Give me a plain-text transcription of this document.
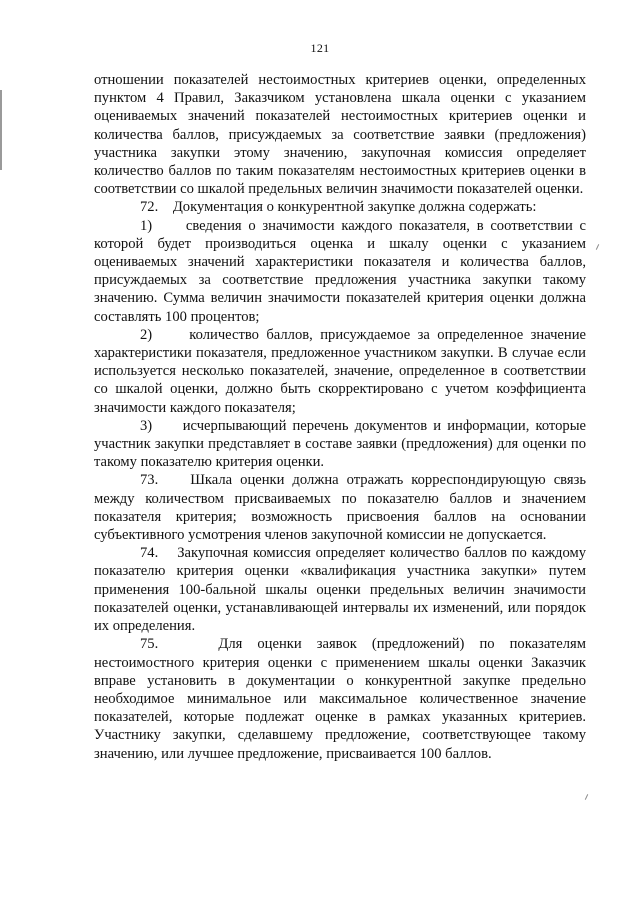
121

отношении показателей нестоимостных критериев оценки, определенных пунктом 4 Правил, Заказчиком установлена шкала оценки с указанием оцениваемых значений показателей нестоимостных критериев оценки и количества баллов, присуждаемых за соответствие заявки (предложения) участника закупки этому значению, закупочная комиссия определяет количество баллов по таким показателям нестоимостных критериев оценки в соответствии со шкалой предельных величин значимости показателей оценки.

72.    Документация о конкурентной закупке должна содержать:

1)     сведения о значимости каждого показателя, в соответствии с которой будет производиться оценка и шкалу оценки с указанием оцениваемых значений характеристики показателя и количества баллов, присуждаемых за соответствие предложения участника закупки такому значению. Сумма величин значимости показателей критерия оценки должна составлять 100 процентов;

2)     количество баллов, присуждаемое за определенное значение характеристики показателя, предложенное участником закупки. В случае если используется несколько показателей, значение, определенное в соответствии со шкалой оценки, должно быть скорректировано с учетом коэффициента значимости каждого показателя;

3)     исчерпывающий перечень документов и информации, которые участник закупки представляет в составе заявки (предложения) для оценки по такому показателю критерия оценки.

73.    Шкала оценки должна отражать корреспондирующую связь между количеством присваиваемых по показателю баллов и значением показателя критерия; возможность присвоения баллов на основании субъективного усмотрения членов закупочной комиссии не допускается.

74.    Закупочная комиссия определяет количество баллов по каждому показателю критерия оценки «квалификация участника закупки» путем применения 100-бальной шкалы оценки предельных величин значимости показателей оценки, устанавливающей интервалы их изменений, или порядок их определения.

75.    Для оценки заявок (предложений) по показателям нестоимостного критерия оценки с применением шкалы оценки Заказчик вправе установить в документации о конкурентной закупке предельно необходимое минимальное или максимальное количественное значение показателей, которые подлежат оценке в рамках указанных критериев. Участнику закупки, сделавшему предложение, соответствующее такому значению, или лучшее предложение, присваивается 100 баллов.
